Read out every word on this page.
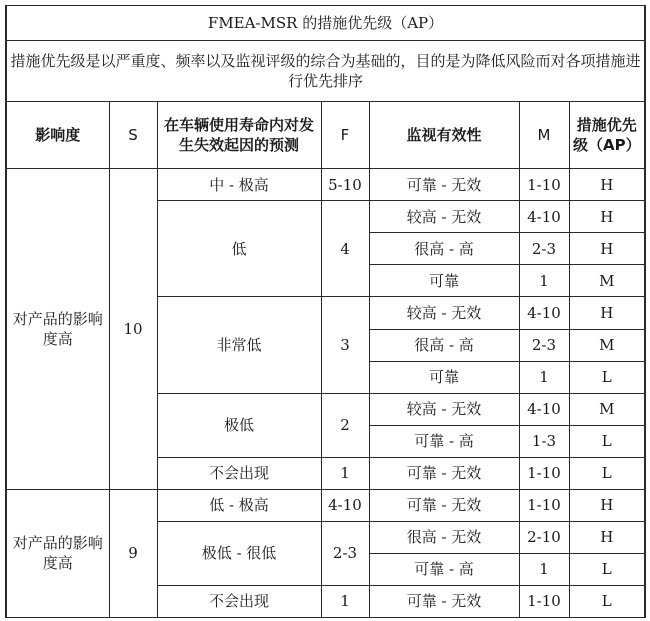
FMEA-MSR 的措施优先级（AP）						
措施优先级是以严重度、频率以及监视评级的综合为基础的，目的是为降低风险而对各项措施进行优先排序						
影响度	S	在车辆使用寿命内对发生失效起因的预测	F	监视有效性	M	措施优先级（AP）
对产品的影响度高	10	中 - 极高	5-10	可靠 - 无效	1-10	H
		低	4	较高 - 无效	4-10	H
				很高 - 高	2-3	H
				可靠	1	M
		非常低	3	较高 - 无效	4-10	H
				很高 - 高	2-3	M
				可靠	1	L
		极低	2	较高 - 无效	4-10	M
				可靠 - 高	1-3	L
		不会出现	1	可靠 - 无效	1-10	L
对产品的影响度高	9	低 - 极高	4-10	可靠 - 无效	1-10	H
		极低 - 很低	2-3	很高 - 无效	2-10	H
				可靠 - 高	1	L
		不会出现	1	可靠 - 无效	1-10	L
